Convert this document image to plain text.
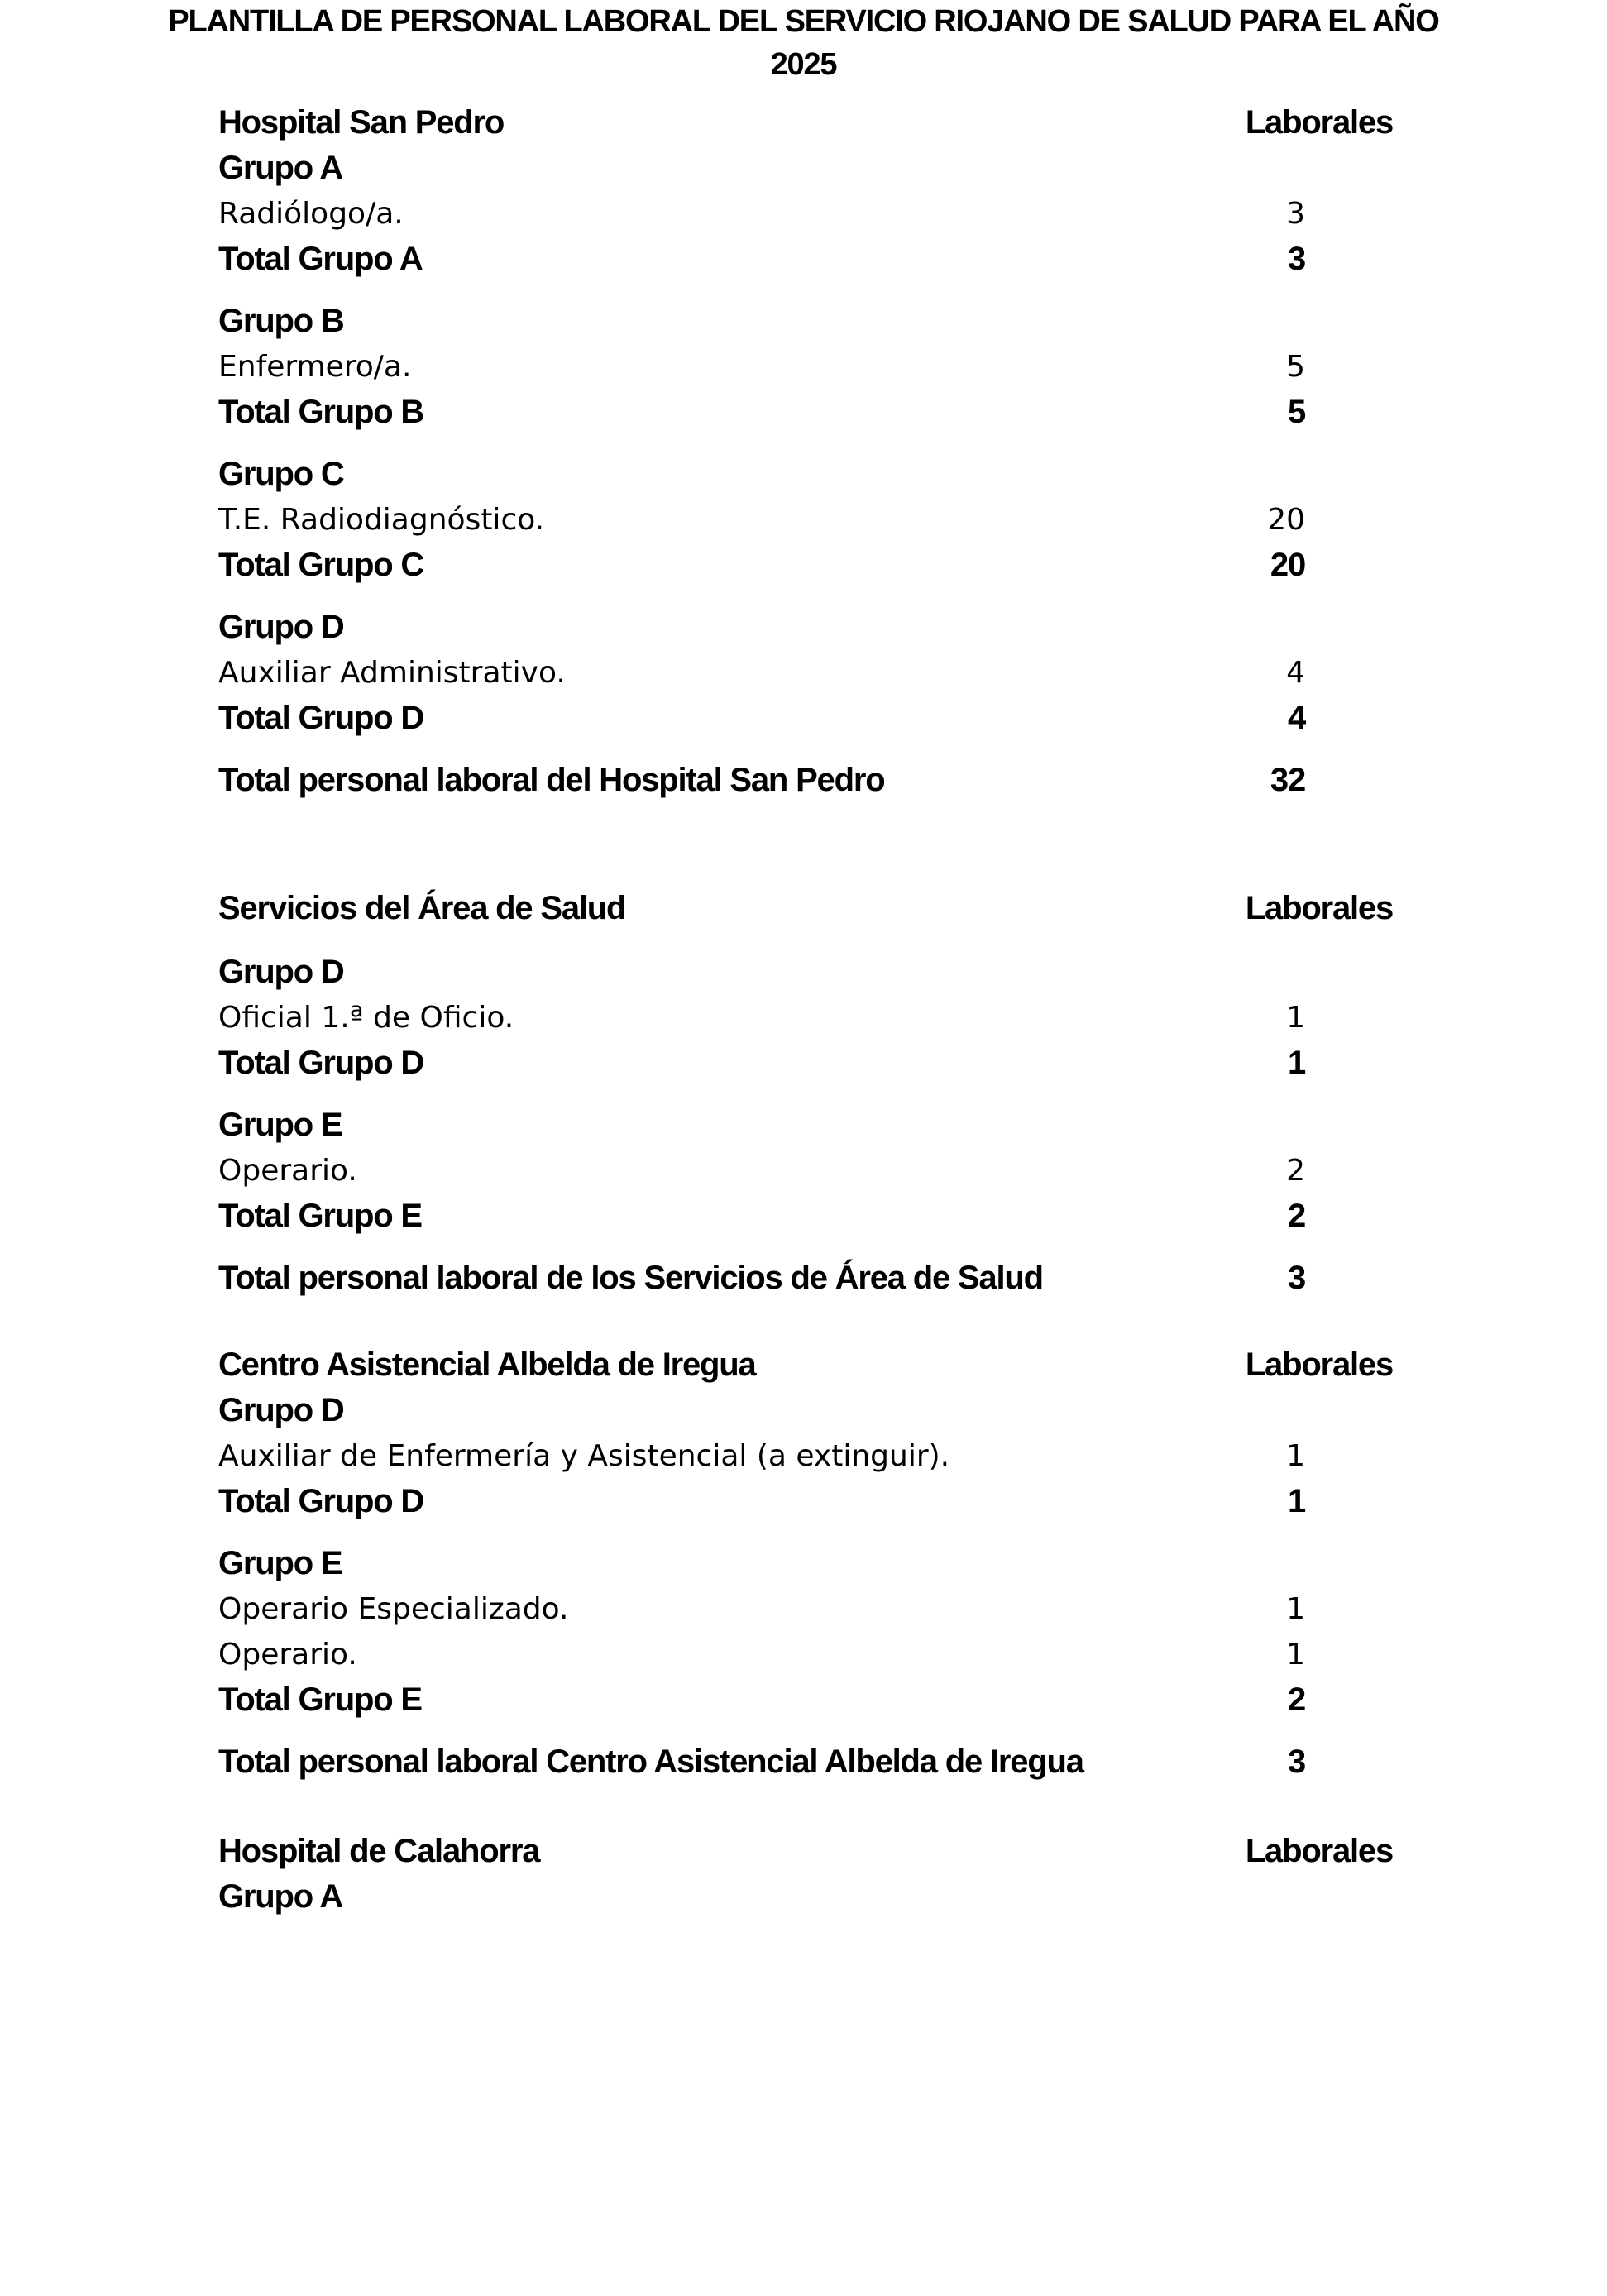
PLANTILLA DE PERSONAL LABORAL DEL SERVICIO RIOJANO DE SALUD PARA EL AÑO 2025
Hospital San Pedro	Laborales
Grupo A
Radiólogo/a.	3
Total Grupo A	3
Grupo B
Enfermero/a.	5
Total Grupo B	5
Grupo C
T.E. Radiodiagnóstico.	20
Total Grupo C	20
Grupo D
Auxiliar Administrativo.	4
Total Grupo D	4
Total personal laboral del Hospital San Pedro	32
Servicios del Área de Salud	Laborales
Grupo D
Oficial 1.ª de Oficio.	1
Total Grupo D	1
Grupo E
Operario.	2
Total Grupo E	2
Total personal laboral de los Servicios de Área de Salud	3
Centro Asistencial Albelda de Iregua	Laborales
Grupo D
Auxiliar de Enfermería y Asistencial (a extinguir).	1
Total Grupo D	1
Grupo E
Operario Especializado.	1
Operario.	1
Total Grupo E	2
Total personal laboral Centro Asistencial Albelda de Iregua	3
Hospital de Calahorra	Laborales
Grupo A
